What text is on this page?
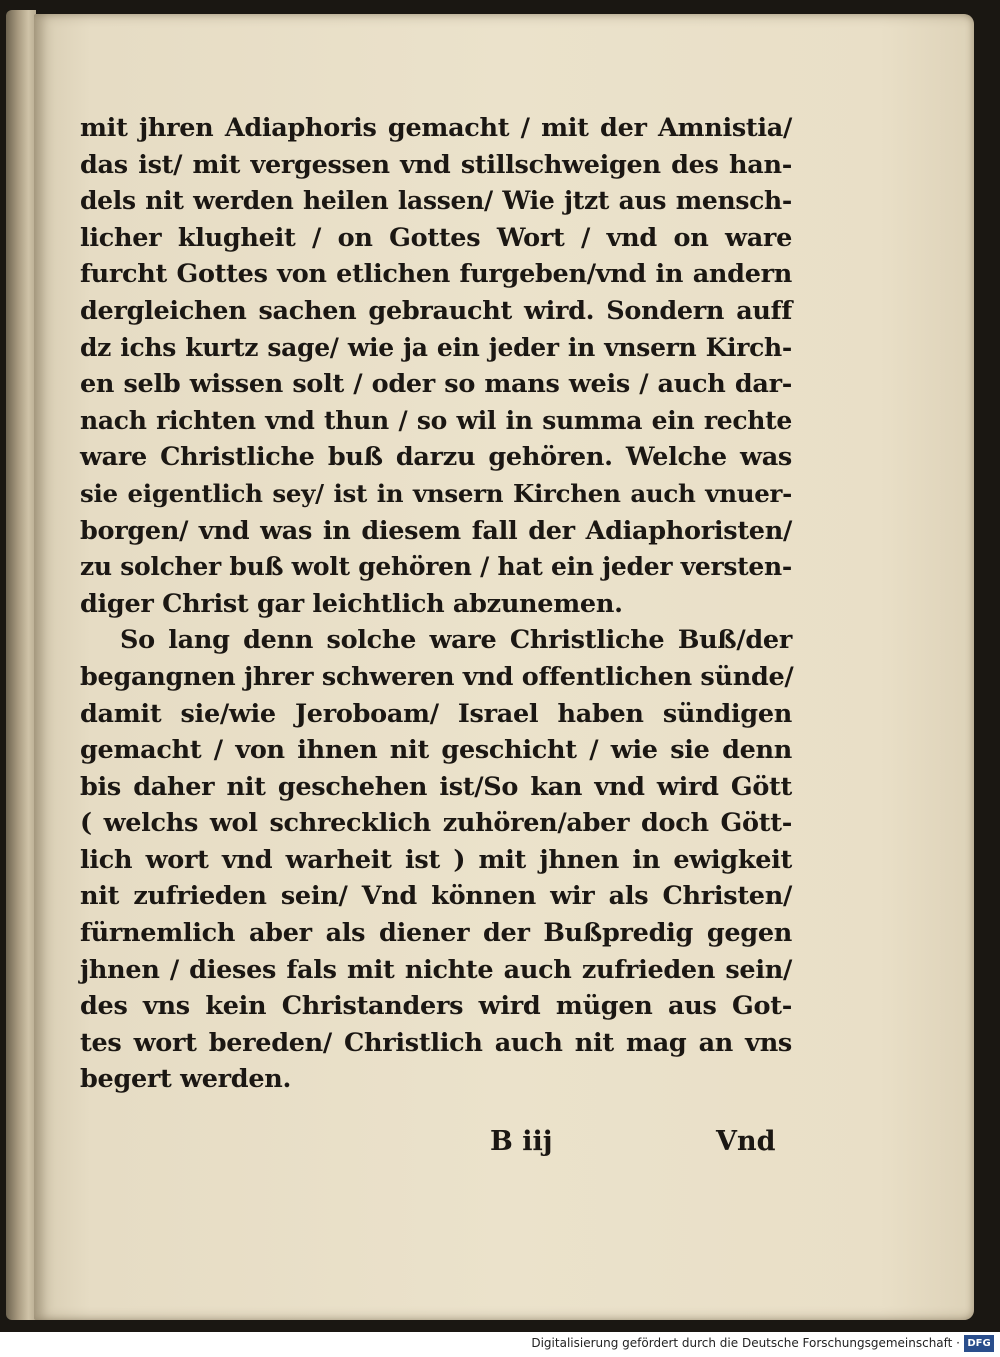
mit jhren Adiaphoris gemacht / mit der Amnistia/
das ist/ mit vergessen vnd stillschweigen des han-
dels nit werden heilen lassen/ Wie jtzt aus mensch-
licher klugheit / on Gottes Wort / vnd on ware
furcht Gottes von etlichen furgeben/vnd in andern
dergleichen sachen gebraucht wird. Sondern auff
dz ichs kurtz sage/ wie ja ein jeder in vnsern Kirch-
en selb wissen solt / oder so mans weis / auch dar-
nach richten vnd thun / so wil in summa ein rechte
ware Christliche buß darzu gehören. Welche was
sie eigentlich sey/ ist in vnsern Kirchen auch vnuer-
borgen/ vnd was in diesem fall der Adiaphoristen/
zu solcher buß wolt gehören / hat ein jeder versten-
diger Christ gar leichtlich abzunemen.
So lang denn solche ware Christliche Buß/der
begangnen jhrer schweren vnd offentlichen sünde/
damit sie/wie Jeroboam/ Israel haben sündigen
gemacht / von ihnen nit geschicht / wie sie denn
bis daher nit geschehen ist/So kan vnd wird Gött
( welchs wol schrecklich zuhören/aber doch Gött-
lich wort vnd warheit ist ) mit jhnen in ewigkeit
nit zufrieden sein/ Vnd können wir als Christen/
fürnemlich aber als diener der Bußpredig gegen
jhnen / dieses fals mit nichte auch zufrieden sein/
des vns kein Christanders wird mügen aus Got-
tes wort bereden/ Christlich auch nit mag an vns
begert werden.
B iij	Vnd
Digitalisierung gefördert durch die Deutsche Forschungsgemeinschaft · DFG
